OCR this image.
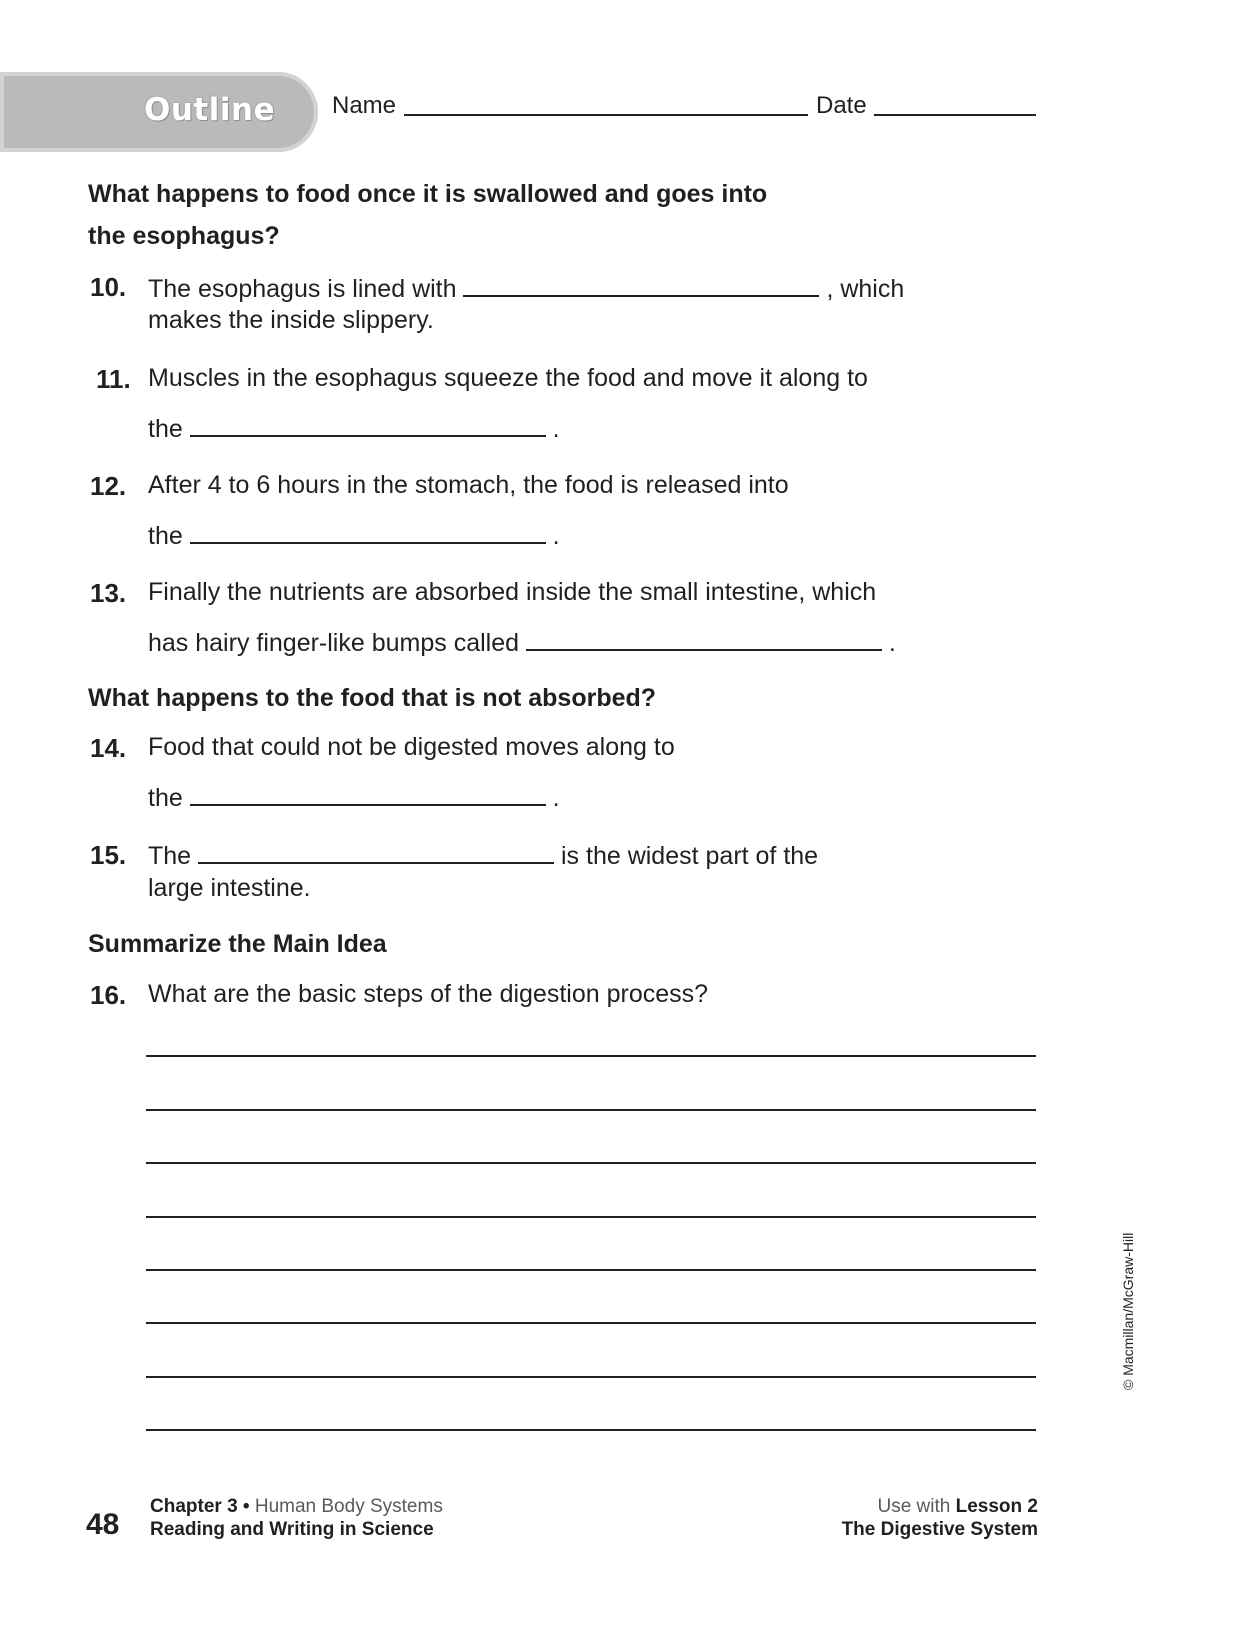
Outline Name	Date
What happens to food once it is swallowed and goes into
the esophagus?
10. The esophagus is lined with	, which
makes the inside slippery.
11. Muscles in the esophagus squeeze the food and move it along to
the	.
12. After 4 to 6 hours in the stomach, the food is released into
the	.
13. Finally the nutrients are absorbed inside the small intestine, which
has hairy finger-like bumps called	.
What happens to the food that is not absorbed?
14. Food that could not be digested moves along to
the	.
15. The	is the widest part of the
large intestine.
Summarize the Main Idea
16. What are the basic steps of the digestion process?
© Macmillan/McGraw-Hill
48
Chapter 3 • Human Body Systems
Reading and Writing in Science
Use with Lesson 2
The Digestive System
